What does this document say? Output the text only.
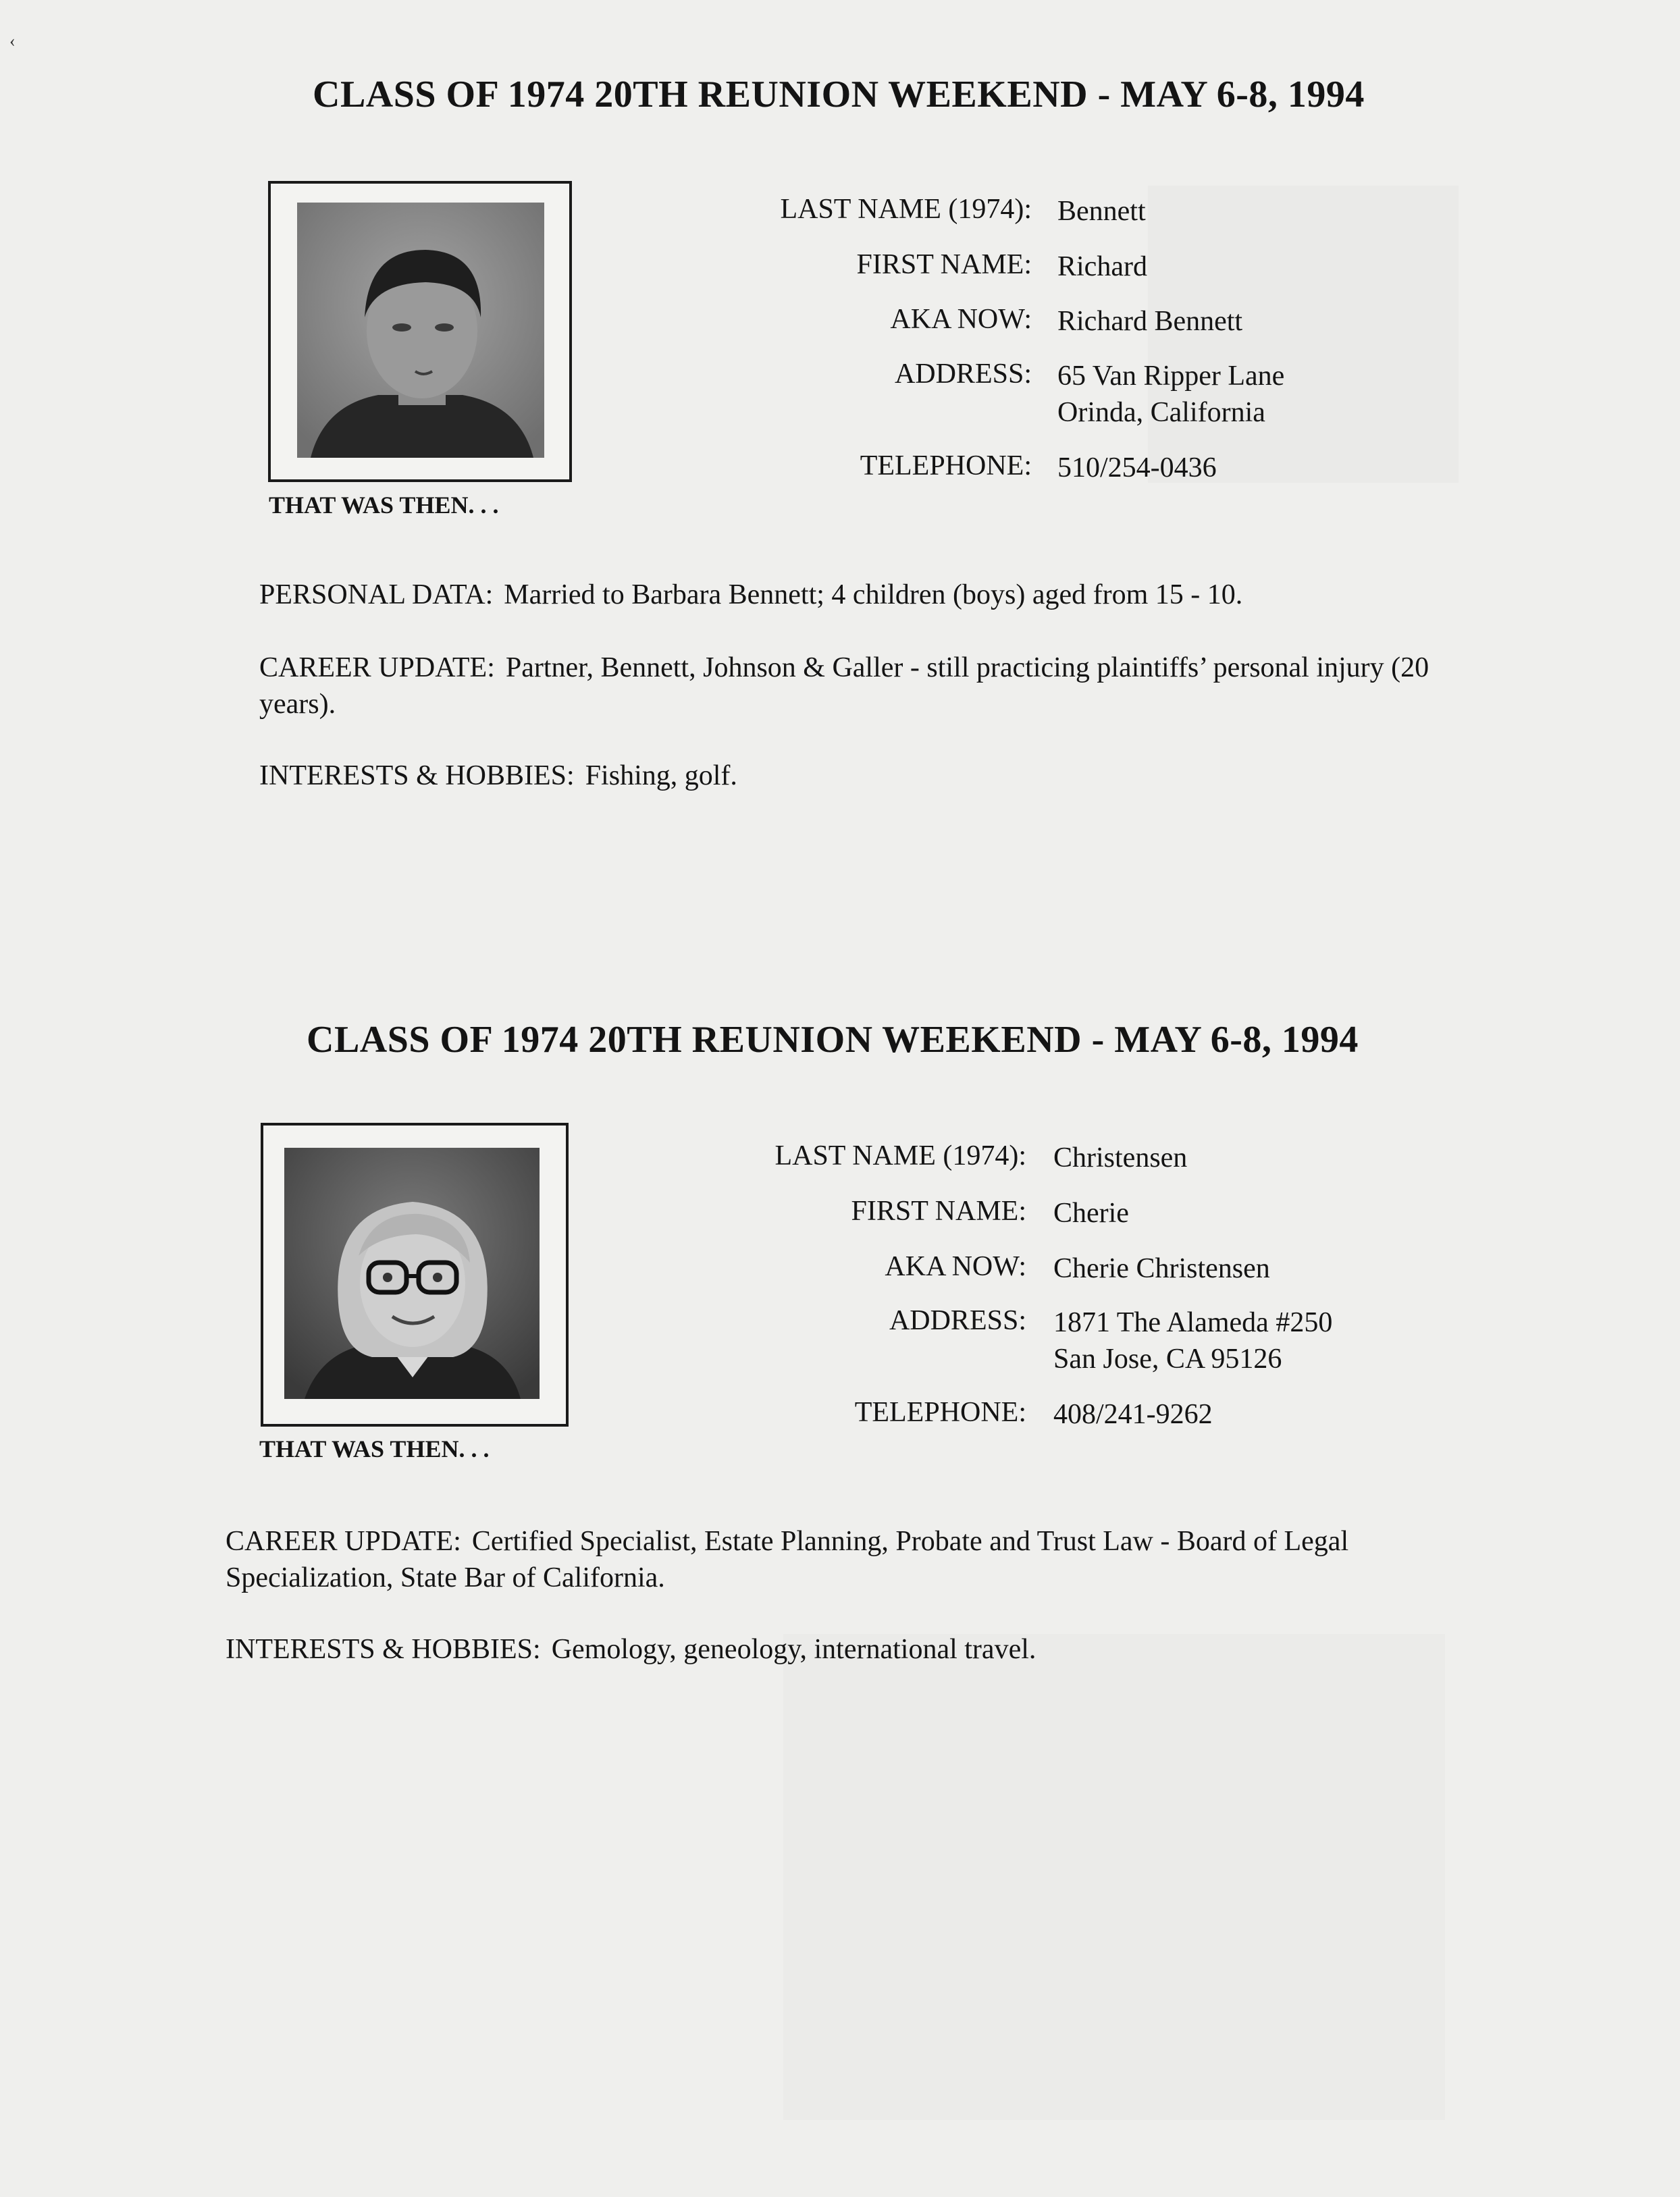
‹
CLASS OF 1974 20TH REUNION WEEKEND - MAY 6-8, 1994
THAT WAS THEN. . .
LAST NAME (1974): Bennett
FIRST NAME: Richard
AKA NOW: Richard Bennett
ADDRESS: 65 Van Ripper Lane
Orinda, California
TELEPHONE: 510/254-0436
PERSONAL DATA: Married to Barbara Bennett; 4 children (boys) aged from 15 - 10.
CAREER UPDATE: Partner, Bennett, Johnson & Galler - still practicing plaintiffs’ personal injury (20 years).
INTERESTS & HOBBIES: Fishing, golf.
CLASS OF 1974 20TH REUNION WEEKEND - MAY 6-8, 1994
THAT WAS THEN. . .
LAST NAME (1974): Christensen
FIRST NAME: Cherie
AKA NOW: Cherie Christensen
ADDRESS: 1871 The Alameda #250
San Jose, CA 95126
TELEPHONE: 408/241-9262
CAREER UPDATE: Certified Specialist, Estate Planning, Probate and Trust Law - Board of Legal Specialization, State Bar of California.
INTERESTS & HOBBIES: Gemology, geneology, international travel.
